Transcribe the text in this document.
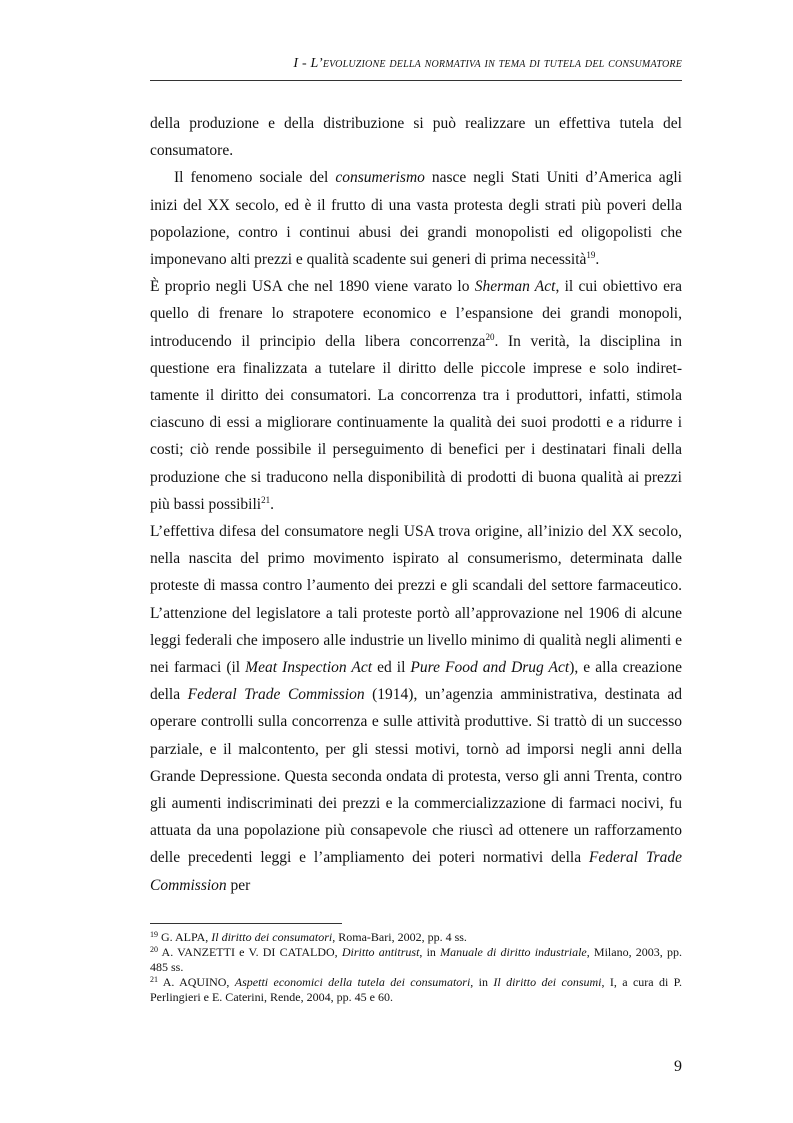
I - L’evoluzione della normativa in tema di tutela del consumatore

della produzione e della distribuzione si può realizzare un effettiva tutela del consumatore.

Il fenomeno sociale del consumerismo nasce negli Stati Uniti d’America agli inizi del XX secolo, ed è il frutto di una vasta protesta degli strati più poveri della popolazione, contro i continui abusi dei grandi monopolisti ed oligopolisti che imponevano alti prezzi e qualità scadente sui generi di prima necessità$^{19}$.

È proprio negli USA che nel 1890 viene varato lo Sherman Act, il cui obiettivo era quello di frenare lo strapotere economico e l’espansione dei grandi monopoli, introducendo il principio della libera concorrenza$^{20}$. In verità, la disciplina in questione era finalizzata a tutelare il diritto delle piccole imprese e solo indiret-tamente il diritto dei consumatori. La concorrenza tra i produttori, infatti, stimola ciascuno di essi a migliorare continuamente la qualità dei suoi prodotti e a ridurre i costi; ciò rende possibile il perseguimento di benefici per i destinatari finali della produzione che si traducono nella disponibilità di prodotti di buona qualità ai prezzi più bassi possibili$^{21}$.

L’effettiva difesa del consumatore negli USA trova origine, all’inizio del XX secolo, nella nascita del primo movimento ispirato al consumerismo, determinata dalle proteste di massa contro l’aumento dei prezzi e gli scandali del settore farmaceutico. L’attenzione del legislatore a tali proteste portò all’approvazione nel 1906 di alcune leggi federali che imposero alle industrie un livello minimo di qualità negli alimenti e nei farmaci (il Meat Inspection Act ed il Pure Food and Drug Act), e alla creazione della Federal Trade Commission (1914), un’agenzia amministrativa, destinata ad operare controlli sulla concorrenza e sulle attività produttive. Si trattò di un successo parziale, e il malcontento, per gli stessi motivi, tornò ad imporsi negli anni della Grande Depressione. Questa seconda ondata di protesta, verso gli anni Trenta, contro gli aumenti indiscriminati dei prezzi e la commercializzazione di farmaci nocivi, fu attuata da una popolazione più consapevole che riuscì ad ottenere un rafforzamento delle precedenti leggi e l’ampliamento dei poteri normativi della Federal Trade Commission per

$^{19}$ G. ALPA, Il diritto dei consumatori, Roma-Bari, 2002, pp. 4 ss.

$^{20}$ A. VANZETTI e V. DI CATALDO, Diritto antitrust, in Manuale di diritto industriale, Milano, 2003, pp. 485 ss.

$^{21}$ A. AQUINO, Aspetti economici della tutela dei consumatori, in Il diritto dei consumi, I, a cura di P. Perlingieri e E. Caterini, Rende, 2004, pp. 45 e 60.

9
